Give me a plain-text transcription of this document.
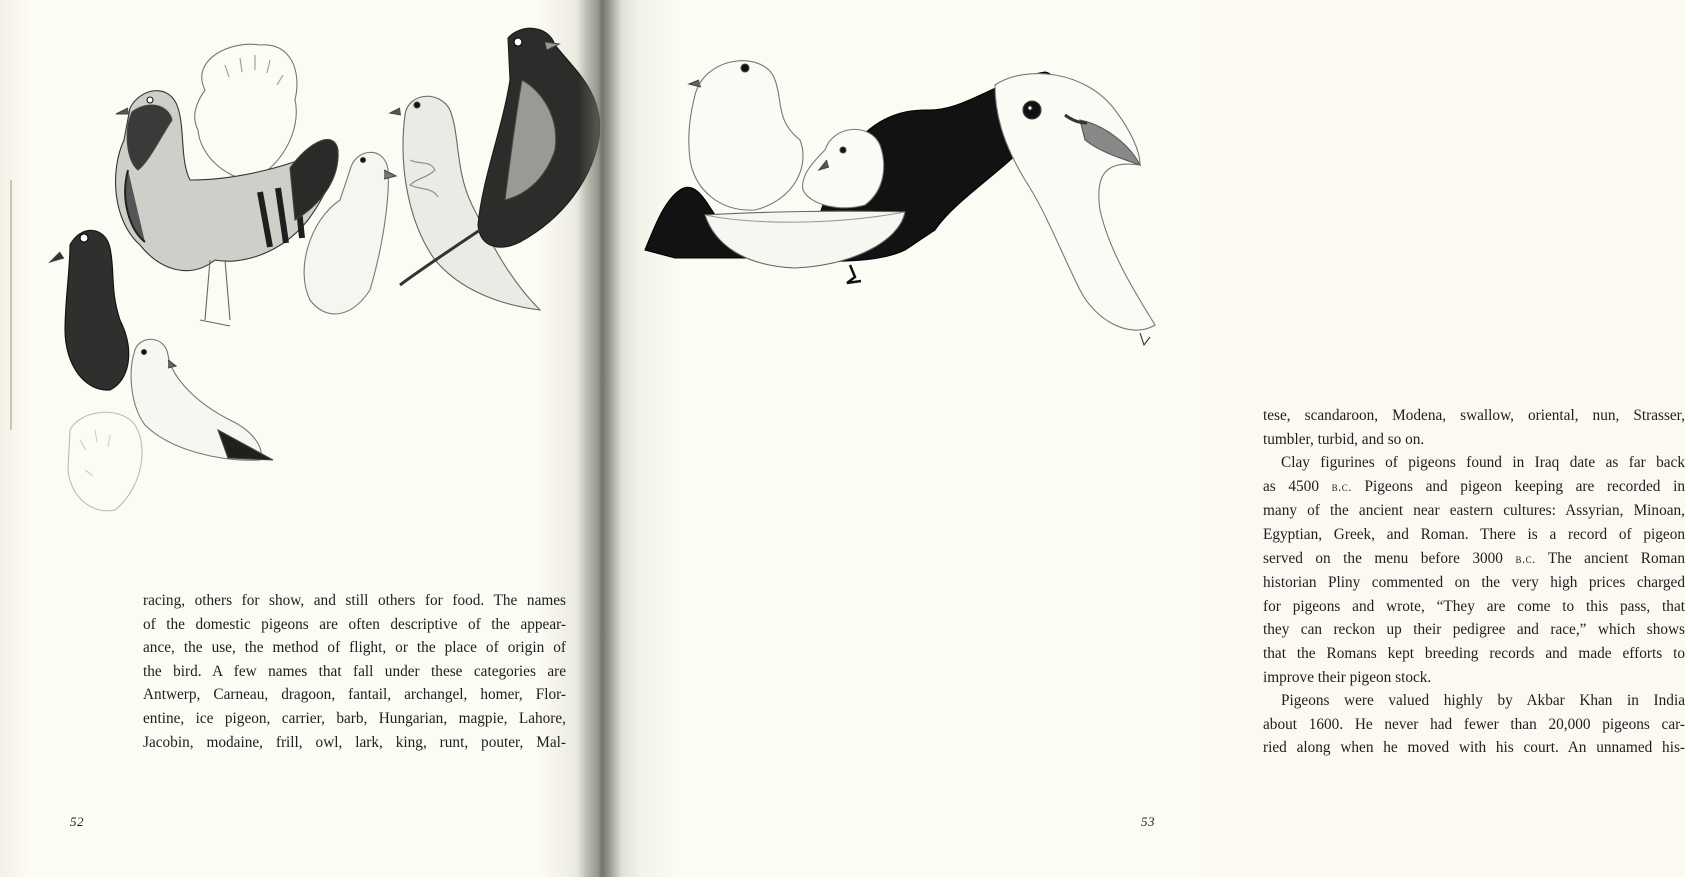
racing, others for show, and still others for food. The names
of the domestic pigeons are often descriptive of the appear-
ance, the use, the method of flight, or the place of origin of
the bird. A few names that fall under these categories are
Antwerp, Carneau, dragoon, fantail, archangel, homer, Flor-
entine, ice pigeon, carrier, barb, Hungarian, magpie, Lahore,
Jacobin, modaine, frill, owl, lark, king, runt, pouter, Mal-
52
tese, scandaroon, Modena, swallow, oriental, nun, Strasser,
tumbler, turbid, and so on.
Clay figurines of pigeons found in Iraq date as far back
as 4500 b.c. Pigeons and pigeon keeping are recorded in
many of the ancient near eastern cultures: Assyrian, Minoan,
Egyptian, Greek, and Roman. There is a record of pigeon
served on the menu before 3000 b.c. The ancient Roman
historian Pliny commented on the very high prices charged
for pigeons and wrote, “They are come to this pass, that
they can reckon up their pedigree and race,” which shows
that the Romans kept breeding records and made efforts to
improve their pigeon stock.
Pigeons were valued highly by Akbar Khan in India
about 1600. He never had fewer than 20,000 pigeons car-
ried along when he moved with his court. An unnamed his-
53
